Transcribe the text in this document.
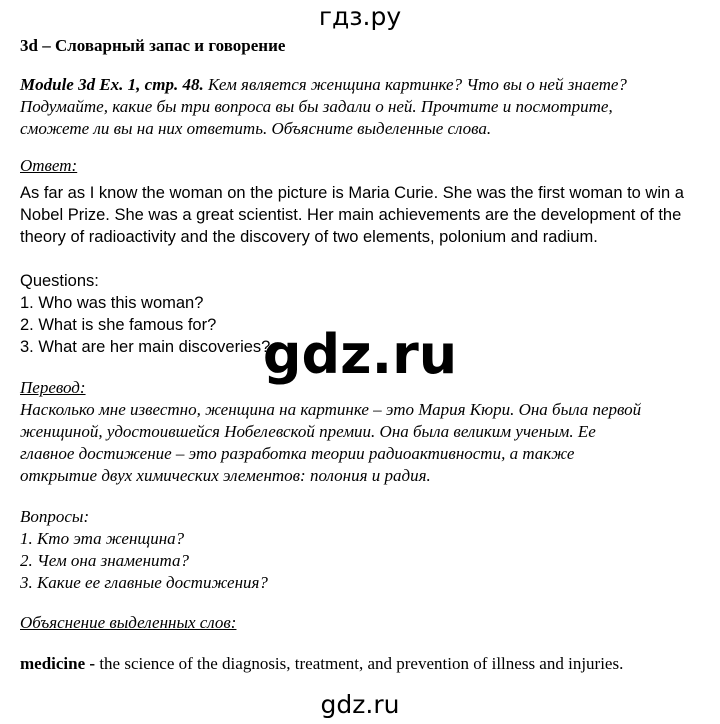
гдз.ру
3d – Словарный запас и говорение
Module 3d Ex. 1, стр. 48. Кем является женщина картинке? Что вы о ней знаете?
Подумайте, какие бы три вопроса вы бы задали о ней. Прочтите и посмотрите,
сможете ли вы на них ответить. Объясните выделенные слова.
Ответ:
As far as I know the woman on the picture is Maria Curie. She was the first woman to win a
Nobel Prize. She was a great scientist. Her main achievements are the development of the
theory of radioactivity and the discovery of two elements, polonium and radium.
Questions:
1. Who was this woman?
2. What is she famous for?
3. What are her main discoveries?
Перевод:
Насколько мне известно, женщина на картинке – это Мария Кюри. Она была первой
женщиной, удостоившейся Нобелевской премии. Она была великим ученым. Ее
главное достижение – это разработка теории радиоактивности, а также
открытие двух химических элементов: полония и радия.
Вопросы:
1. Кто эта женщина?
2. Чем она знаменита?
3. Какие ее главные достижения?
Объяснение выделенных слов:
medicine - the science of the diagnosis, treatment, and prevention of illness and injuries.
gdz.ru
gdz.ru
